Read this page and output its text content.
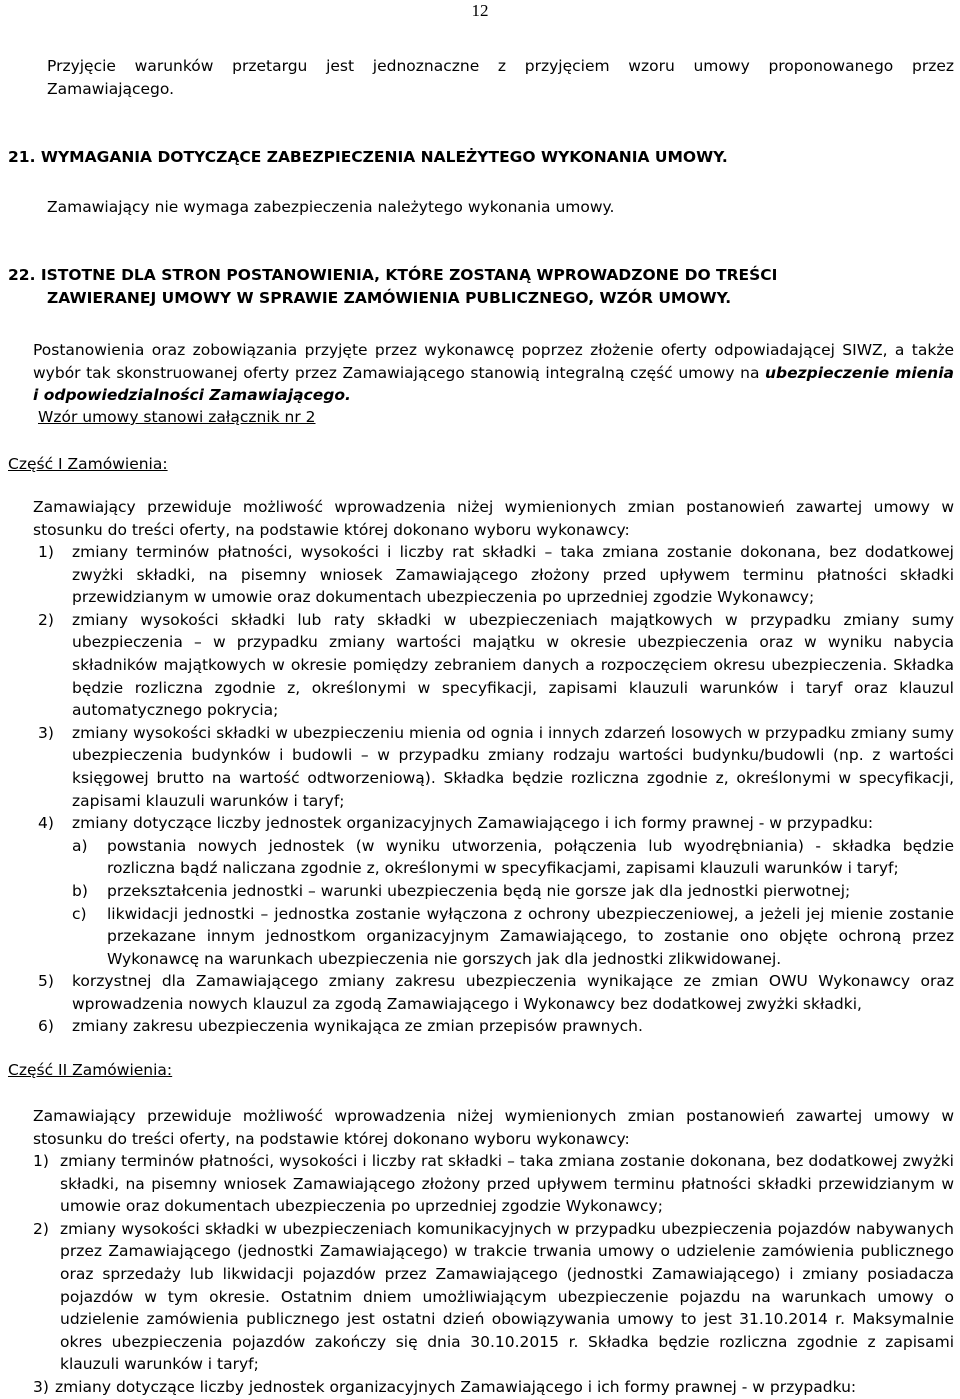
12
Przyjęcie warunków przetargu jest jednoznaczne z przyjęciem wzoru umowy proponowanego przez
Zamawiającego.
21. WYMAGANIA DOTYCZĄCE ZABEZPIECZENIA NALEŻYTEGO WYKONANIA UMOWY.
Zamawiający nie wymaga zabezpieczenia należytego wykonania umowy.
22. ISTOTNE DLA STRON POSTANOWIENIA, KTÓRE ZOSTANĄ WPROWADZONE DO TREŚCI
ZAWIERANEJ UMOWY W SPRAWIE ZAMÓWIENIA PUBLICZNEGO, WZÓR UMOWY.
Postanowienia oraz zobowiązania przyjęte przez wykonawcę poprzez złożenie oferty odpowiadającej SIWZ, a także wybór tak skonstruowanej oferty przez Zamawiającego stanowią integralną część umowy na ubezpieczenie mienia i odpowiedzialności Zamawiającego.
Wzór umowy stanowi załącznik nr 2
Część I Zamówienia:
Zamawiający przewiduje możliwość wprowadzenia niżej wymienionych zmian postanowień zawartej umowy w stosunku do treści oferty, na podstawie której dokonano wyboru wykonawcy:
1)	zmiany terminów płatności, wysokości i liczby rat składki – taka zmiana zostanie dokonana, bez dodatkowej zwyżki składki, na pisemny wniosek Zamawiającego złożony przed upływem terminu płatności składki przewidzianym w umowie oraz dokumentach ubezpieczenia po uprzedniej zgodzie Wykonawcy;
2)	zmiany wysokości składki lub raty składki w ubezpieczeniach majątkowych w przypadku zmiany sumy ubezpieczenia – w przypadku zmiany wartości majątku w okresie ubezpieczenia oraz w wyniku nabycia składników majątkowych w okresie pomiędzy zebraniem danych a rozpoczęciem okresu ubezpieczenia. Składka będzie rozliczna zgodnie z, określonymi w specyfikacji, zapisami klauzuli warunków i taryf oraz klauzul automatycznego pokrycia;
3)	zmiany wysokości składki w ubezpieczeniu mienia od ognia i innych zdarzeń losowych w przypadku zmiany sumy ubezpieczenia budynków i budowli – w przypadku zmiany rodzaju wartości budynku/budowli (np. z wartości księgowej brutto na wartość odtworzeniową). Składka będzie rozliczna zgodnie z, określonymi w specyfikacji, zapisami klauzuli warunków i taryf;
4)	zmiany dotyczące liczby jednostek organizacyjnych Zamawiającego i ich formy prawnej - w przypadku:
a)	powstania nowych jednostek (w wyniku utworzenia, połączenia lub wyodrębniania) - składka będzie rozliczna bądź naliczana zgodnie z, określonymi w specyfikacjami, zapisami klauzuli warunków i taryf;
b)	przekształcenia jednostki – warunki ubezpieczenia będą nie gorsze jak dla jednostki pierwotnej;
c)	likwidacji jednostki – jednostka zostanie wyłączona z ochrony ubezpieczeniowej, a jeżeli jej mienie zostanie przekazane innym jednostkom organizacyjnym Zamawiającego, to zostanie ono objęte ochroną przez Wykonawcę na warunkach ubezpieczenia nie gorszych jak dla jednostki zlikwidowanej.
5)	korzystnej dla Zamawiającego zmiany zakresu ubezpieczenia wynikające ze zmian OWU Wykonawcy oraz wprowadzenia nowych klauzul za zgodą Zamawiającego i Wykonawcy bez dodatkowej zwyżki składki,
6)	zmiany zakresu ubezpieczenia wynikająca ze zmian przepisów prawnych.
Część II Zamówienia:
Zamawiający przewiduje możliwość wprowadzenia niżej wymienionych zmian postanowień zawartej umowy w stosunku do treści oferty, na podstawie której dokonano wyboru wykonawcy:
1) zmiany terminów płatności, wysokości i liczby rat składki – taka zmiana zostanie dokonana, bez dodatkowej zwyżki składki, na pisemny wniosek Zamawiającego złożony przed upływem terminu płatności składki przewidzianym w umowie oraz dokumentach ubezpieczenia po uprzedniej zgodzie Wykonawcy;
2) zmiany wysokości składki w ubezpieczeniach komunikacyjnych w przypadku ubezpieczenia pojazdów nabywanych przez Zamawiającego (jednostki Zamawiającego) w trakcie trwania umowy o udzielenie zamówienia publicznego oraz sprzedaży lub likwidacji pojazdów przez Zamawiającego (jednostki Zamawiającego) i zmiany posiadacza pojazdów w tym okresie. Ostatnim dniem umożliwiającym ubezpieczenie pojazdu na warunkach umowy o udzielenie zamówienia publicznego jest ostatni dzień obowiązywania umowy to jest 31.10.2014 r. Maksymalnie okres ubezpieczenia pojazdów zakończy się dnia 30.10.2015 r. Składka będzie rozliczna zgodnie z zapisami klauzuli warunków i taryf;
3) zmiany dotyczące liczby jednostek organizacyjnych Zamawiającego i ich formy prawnej - w przypadku:
